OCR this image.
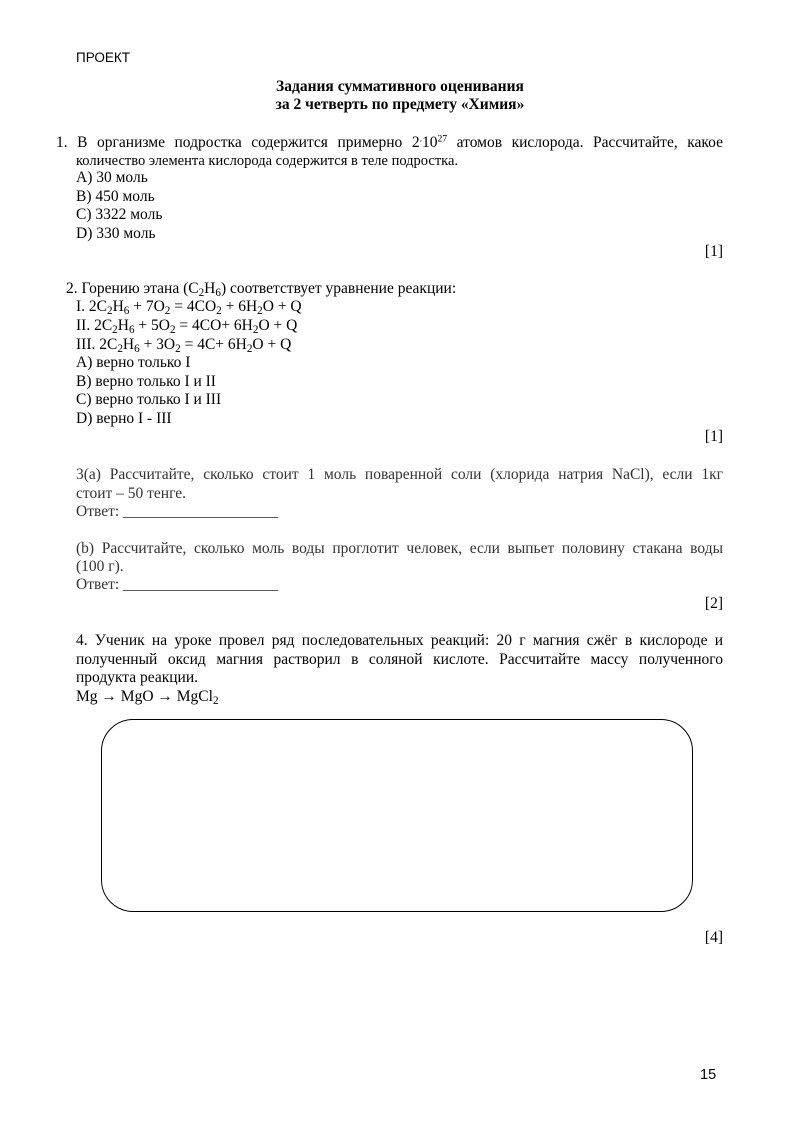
ПРОЕКТ
Задания суммативного оценивания
за 2 четверть по предмету «Химия»
1. В организме подростка содержится примерно $2^.10^{27}$ атомов кислорода. Рассчитайте, какое
количество элемента кислорода содержится в теле подростка.
A) 30 моль
B) 450 моль
C) 3322 моль
D) 330 моль
[1]
2. Горению этана $(C_2H_6)$ соответствует уравнение реакции:
I. $2C_2H_6 + 7O_2 = 4CO_2 + 6H_2O + Q$
II. $2C_2H_6 + 5O_2 = 4CO+ 6H_2O + Q$
III. $2C_2H_6 + 3O_2 = 4C+ 6H_2O + Q$
A) верно только I
B) верно только I и II
C) верно только I и III
D) верно I - III
[1]
3(а) Рассчитайте, сколько стоит 1 моль поваренной соли (хлорида натрия NaCl), если 1кг
стоит – 50 тенге.
Ответ: ____________________
(b) Рассчитайте, сколько моль воды проглотит человек, если выпьет половину стакана воды
(100 г).
Ответ: ____________________
[2]
4. Ученик на уроке провел ряд последовательных реакций: 20 г магния сжёг в кислороде и
полученный оксид магния растворил в соляной кислоте. Рассчитайте массу полученного
продукта реакции.
Mg → MgO → MgCl$_2$
[4]
15
